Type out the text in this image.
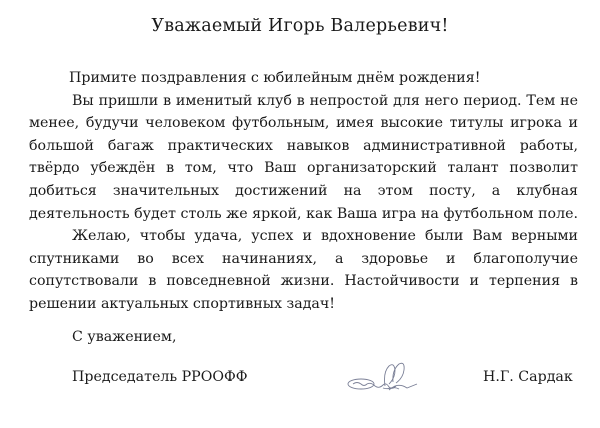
Уважаемый Игорь Валерьевич!
Примите поздравления с юбилейным днём рождения!
Вы пришли в именитый клуб в непростой для него период. Тем не
менее, будучи человеком футбольным, имея высокие титулы игрока и
большой багаж практических навыков административной работы,
твёрдо убеждён в том, что Ваш организаторский талант позволит
добиться значительных достижений на этом посту, а клубная
деятельность будет столь же яркой, как Ваша игра на футбольном поле.
Желаю, чтобы удача, успех и вдохновение были Вам верными
спутниками во всех начинаниях, а здоровье и благополучие
сопутствовали в повседневной жизни. Настойчивости и терпения в
решении актуальных спортивных задач!
С уважением,
Председатель РРООФФ	Н.Г. Сардак
